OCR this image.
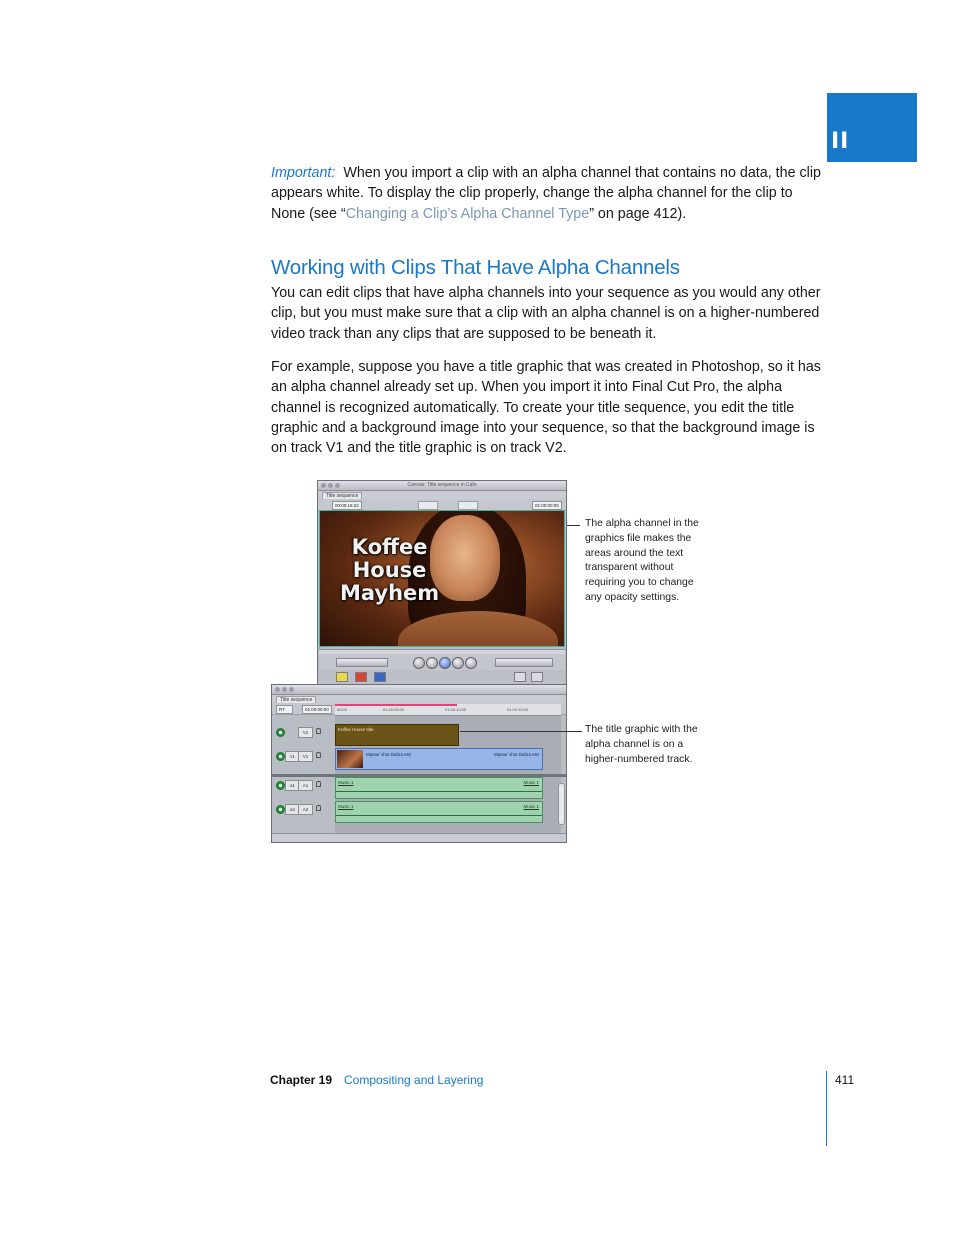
II
Important:  When you import a clip with an alpha channel that contains no data, the clip appears white. To display the clip properly, change the alpha channel for the clip to None (see “Changing a Clip’s Alpha Channel Type” on page 412).
Working with Clips That Have Alpha Channels
You can edit clips that have alpha channels into your sequence as you would any other clip, but you must make sure that a clip with an alpha channel is on a higher-numbered video track than any clips that are supposed to be beneath it.
For example, suppose you have a title graphic that was created in Photoshop, so it has an alpha channel already set up. When you import it into Final Cut Pro, the alpha channel is recognized automatically. To create your title sequence, you edit the title graphic and a background image into your sequence, so that the background image is on track V1 and the title graphic is on track V2.
Canvas: Title sequence in Cafe
Title sequence
00:00:16:22	01:00:00:00
Koffee
House
Mayhem
Title sequence
RT	01:00:00:00	00:00	01:00:05:00	01:00:10:00	01:00:15:00
V2
v1	V1
a1	A1
a2	A2
Koffee House title
Master shot Debra MS	Master shot Debra MS
Music 1	Music 1
Music 1	Music 1
The alpha channel in the graphics file makes the areas around the text transparent without requiring you to change any opacity settings.
The title graphic with the alpha channel is on a higher-numbered track.
Chapter 19 Compositing and Layering	411
